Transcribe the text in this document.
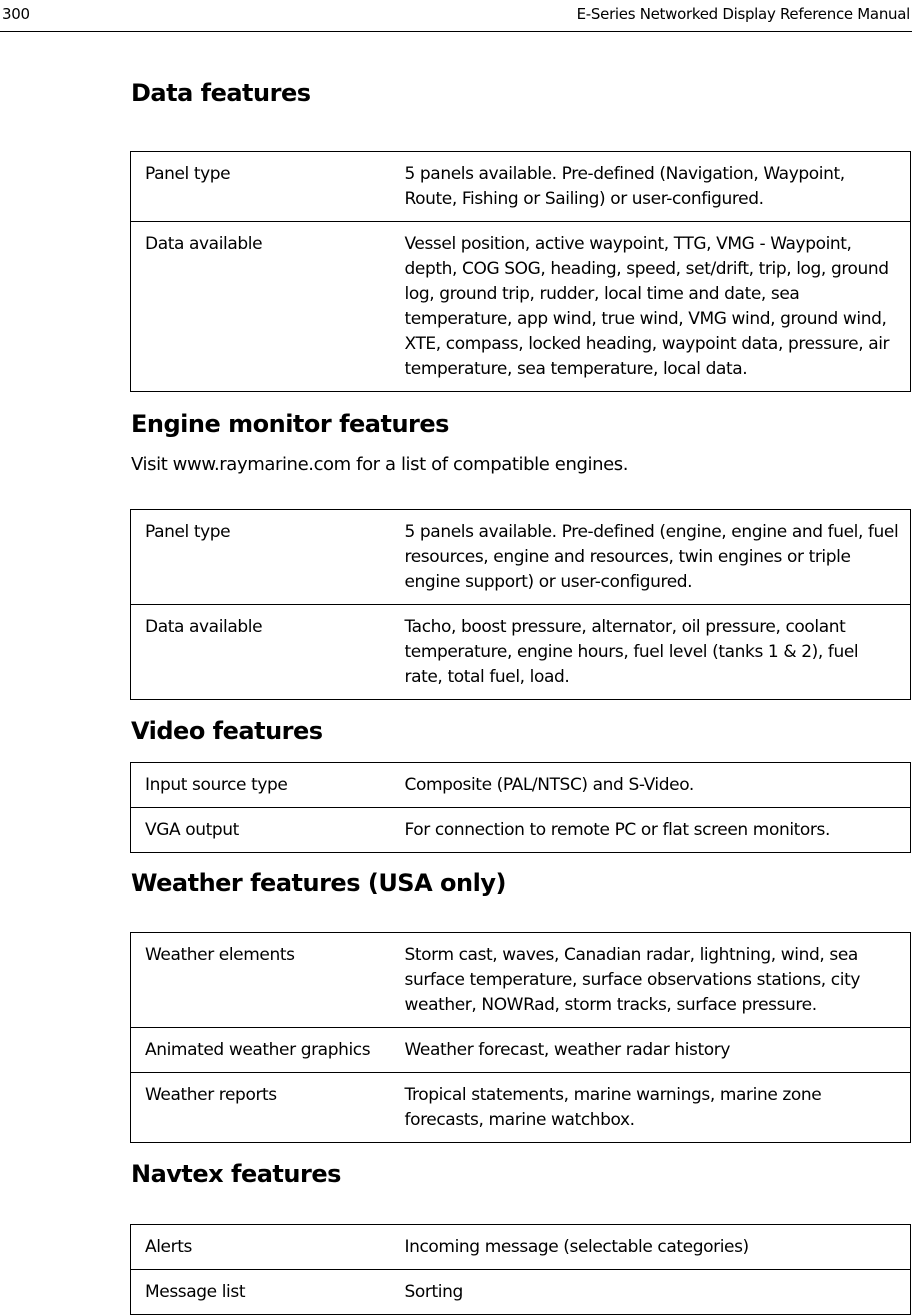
300	E-Series Networked Display Reference Manual
Data features
Panel type	5 panels available. Pre-defined (Navigation, Waypoint, Route, Fishing or Sailing) or user-configured.
Data available	Vessel position, active waypoint, TTG, VMG - Waypoint, depth, COG SOG, heading, speed, set/drift, trip, log, ground log, ground trip, rudder, local time and date, sea temperature, app wind, true wind, VMG wind, ground wind, XTE, compass, locked heading, waypoint data, pressure, air temperature, sea temperature, local data.
Engine monitor features

Visit www.raymarine.com for a list of compatible engines.

Panel type	5 panels available. Pre-defined (engine, engine and fuel, fuel resources, engine and resources, twin engines or triple engine support) or user-configured.
Data available	Tacho, boost pressure, alternator, oil pressure, coolant temperature, engine hours, fuel level (tanks 1 & 2), fuel rate, total fuel, load.
Video features
Input source type	Composite (PAL/NTSC) and S-Video.
VGA output	For connection to remote PC or flat screen monitors.
Weather features (USA only)
Weather elements	Storm cast, waves, Canadian radar, lightning, wind, sea surface temperature, surface observations stations, city weather, NOWRad, storm tracks, surface pressure.
Animated weather graphics	Weather forecast, weather radar history
Weather reports	Tropical statements, marine warnings, marine zone forecasts, marine watchbox.
Navtex features
Alerts	Incoming message (selectable categories)
Message list	Sorting
